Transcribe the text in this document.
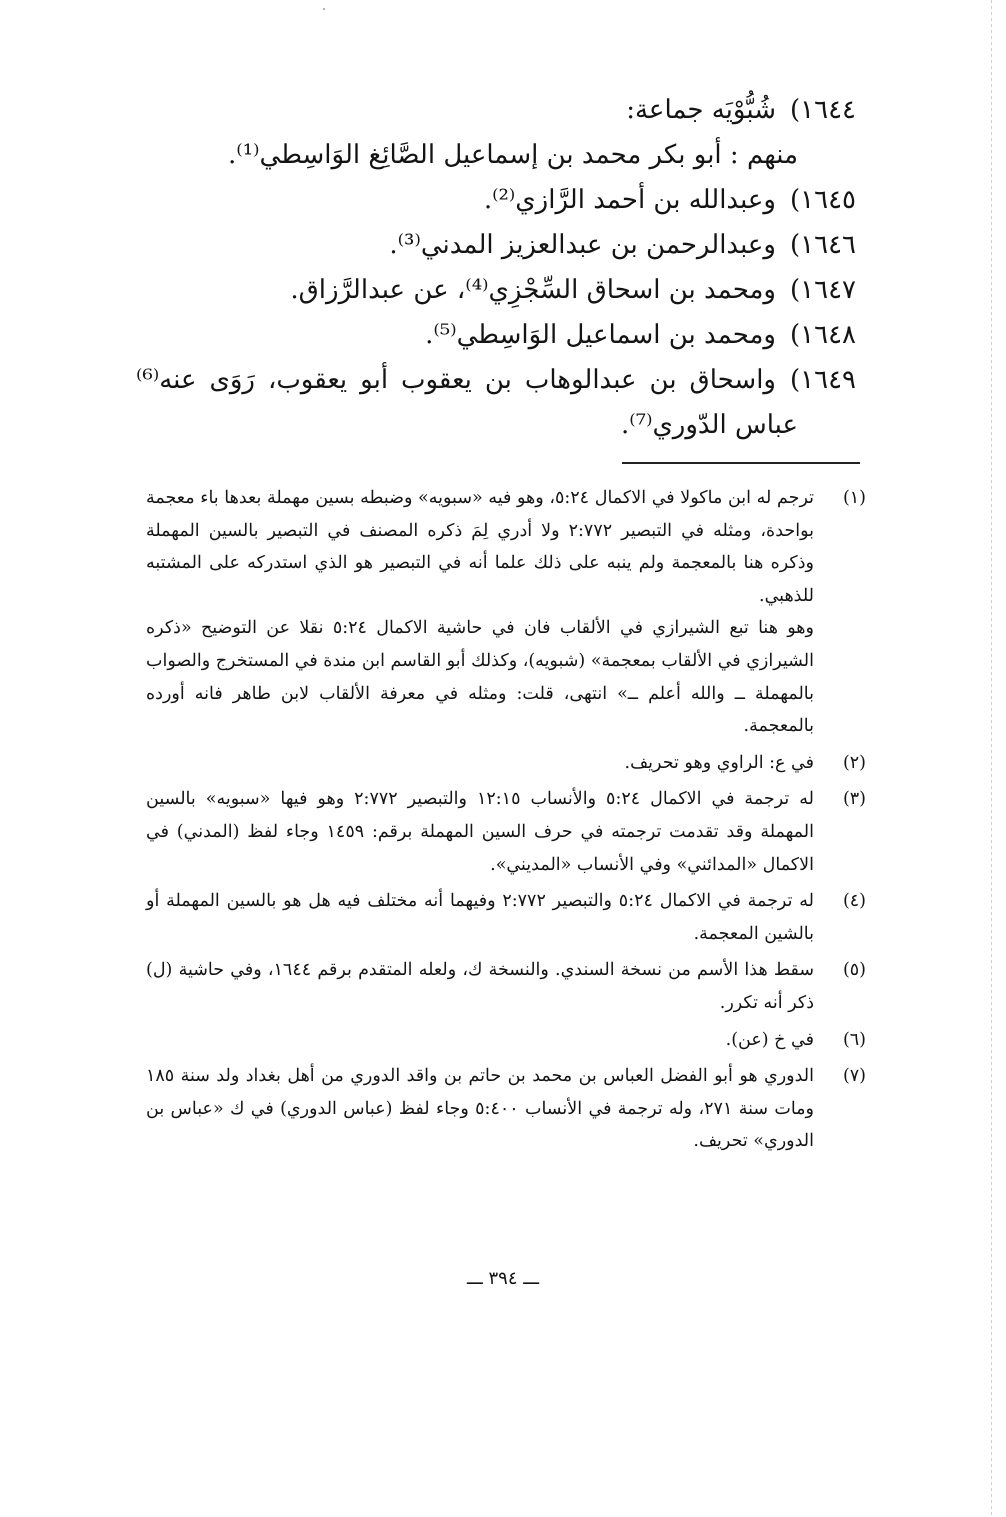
١٦٤٤)شُبُّوْيَه جماعة:
منهم : أبو بكر محمد بن إسماعيل الصَّائِغ الوَاسِطي⁽¹⁾.
١٦٤٥)وعبدالله بن أحمد الرَّازي⁽²⁾.
١٦٤٦)وعبدالرحمن بن عبدالعزيز المدني⁽³⁾.
١٦٤٧)ومحمد بن اسحاق السِّجْزِي⁽⁴⁾، عن عبدالرَّزاق.
١٦٤٨)ومحمد بن اسماعيل الوَاسِطي⁽⁵⁾.
١٦٤٩)واسحاق بن عبدالوهاب بن يعقوب أبو يعقوب، رَوَى عنه⁽⁶⁾
عباس الدّوري⁽⁷⁾.
(١)

ترجم له ابن ماكولا في الاكمال ٥:٢٤، وهو فيه «سبويه» وضبطه بسين مهملة بعدها باء معجمة بواحدة، ومثله في التبصير ٢:٧٧٢ ولا أدري لِمَ ذكره المصنف في التبصير بالسين المهملة وذكره هنا بالمعجمة ولم ينبه على ذلك علما أنه في التبصير هو الذي استدركه على المشتبه للذهبي.

وهو هنا تبع الشيرازي في الألقاب فان في حاشية الاكمال ٥:٢٤ نقلا عن التوضيح «ذكره الشيرازي في الألقاب بمعجمة» (شبويه)، وكذلك أبو القاسم ابن مندة في المستخرج والصواب بالمهملة ــ والله أعلم ــ» انتهى، قلت: ومثله في معرفة الألقاب لابن طاهر فانه أورده بالمعجمة.

(٢)

في ع: الراوي وهو تحريف.

(٣)

له ترجمة في الاكمال ٥:٢٤ والأنساب ١٢:١٥ والتبصير ٢:٧٧٢ وهو فيها «سبويه» بالسين المهملة وقد تقدمت ترجمته في حرف السين المهملة برقم: ١٤٥٩ وجاء لفظ (المدني) في الاكمال «المدائني» وفي الأنساب «المديني».

(٤)

له ترجمة في الاكمال ٥:٢٤ والتبصير ٢:٧٧٢ وفيهما أنه مختلف فيه هل هو بالسين المهملة أو بالشين المعجمة.

(٥)

سقط هذا الأسم من نسخة السندي. والنسخة ك، ولعله المتقدم برقم ١٦٤٤، وفي حاشية (ل) ذكر أنه تكرر.

(٦)

في خ (عن).

(٧)

الدوري هو أبو الفضل العباس بن محمد بن حاتم بن واقد الدوري من أهل بغداد ولد سنة ١٨٥ ومات سنة ٢٧١، وله ترجمة في الأنساب ٥:٤٠٠ وجاء لفظ (عباس الدوري) في ك «عباس بن الدوري» تحريف.

ـــ ٣٩٤ ـــ
